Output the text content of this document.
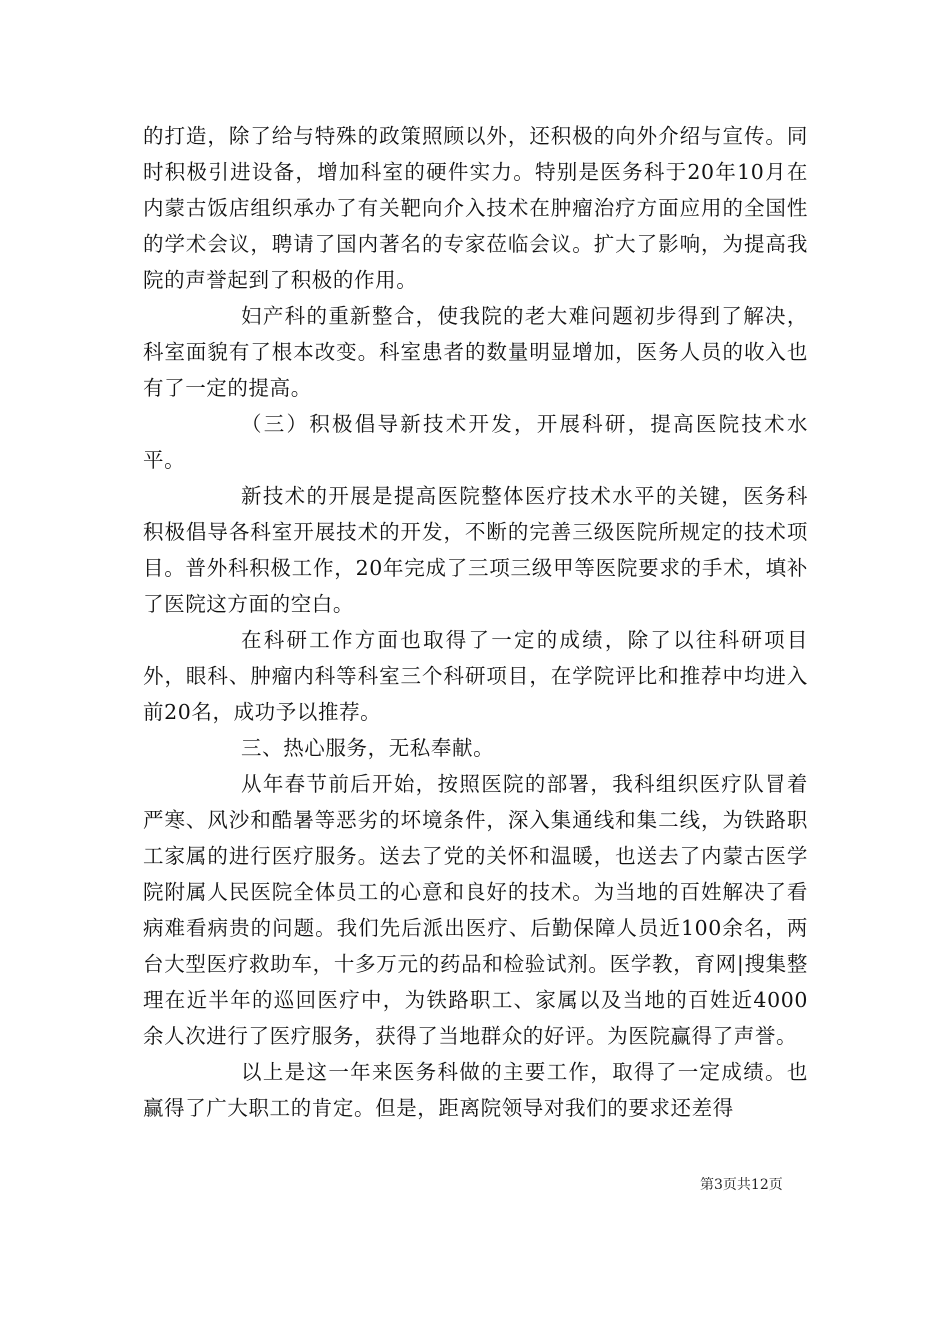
的打造，除了给与特殊的政策照顾以外，还积极的向外介绍与宣传。同时积极引进设备，增加科室的硬件实力。特别是医务科于20年10月在内蒙古饭店组织承办了有关靶向介入技术在肿瘤治疗方面应用的全国性的学术会议，聘请了国内著名的专家莅临会议。扩大了影响，为提高我院的声誉起到了积极的作用。

妇产科的重新整合，使我院的老大难问题初步得到了解决，科室面貌有了根本改变。科室患者的数量明显增加，医务人员的收入也有了一定的提高。

（三）积极倡导新技术开发，开展科研，提高医院技术水平。

新技术的开展是提高医院整体医疗技术水平的关键，医务科积极倡导各科室开展技术的开发，不断的完善三级医院所规定的技术项目。普外科积极工作，20年完成了三项三级甲等医院要求的手术，填补了医院这方面的空白。

在科研工作方面也取得了一定的成绩，除了以往科研项目外，眼科、肿瘤内科等科室三个科研项目，在学院评比和推荐中均进入前20名，成功予以推荐。

三、热心服务，无私奉献。

从年春节前后开始，按照医院的部署，我科组织医疗队冒着严寒、风沙和酷暑等恶劣的坏境条件，深入集通线和集二线，为铁路职工家属的进行医疗服务。送去了党的关怀和温暖，也送去了内蒙古医学院附属人民医院全体员工的心意和良好的技术。为当地的百姓解决了看病难看病贵的问题。我们先后派出医疗、后勤保障人员近100余名，两台大型医疗救助车，十多万元的药品和检验试剂。医学教，育网|搜集整理在近半年的巡回医疗中，为铁路职工、家属以及当地的百姓近4000余人次进行了医疗服务，获得了当地群众的好评。为医院赢得了声誉。

以上是这一年来医务科做的主要工作，取得了一定成绩。也赢得了广大职工的肯定。但是，距离院领导对我们的要求还差得

第3页共12页
